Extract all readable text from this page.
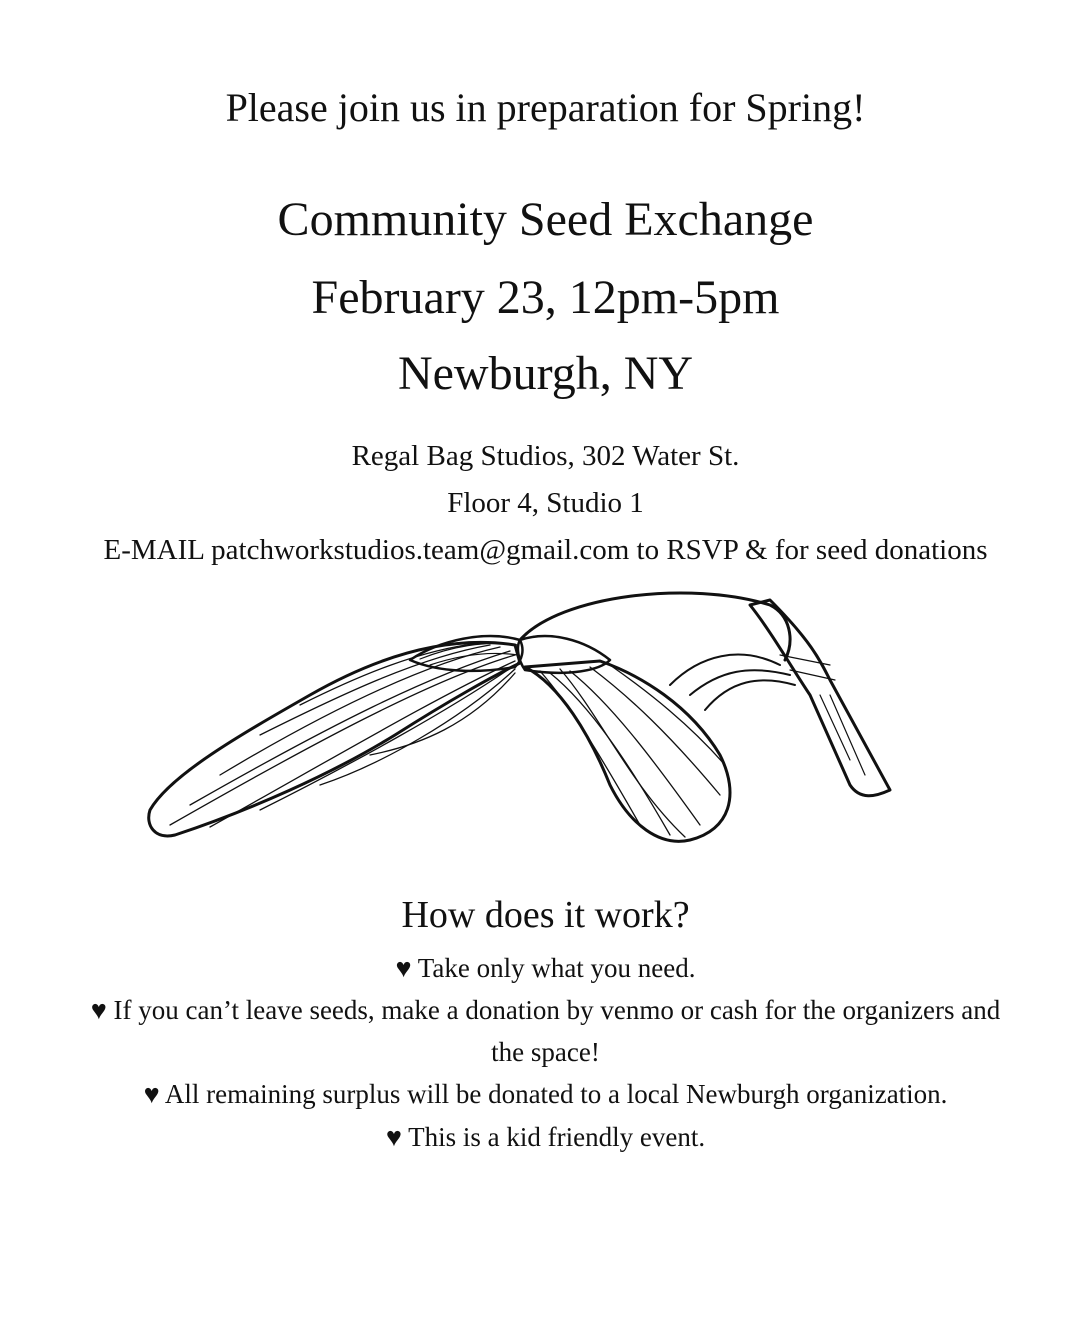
Please join us in preparation for Spring!
Community Seed Exchange
February 23, 12pm-5pm
Newburgh, NY
Regal Bag Studios, 302 Water St.
Floor 4, Studio 1
E-MAIL patchworkstudios.team@gmail.com to RSVP & for seed donations
How does it work?
♥ Take only what you need.
♥ If you can’t leave seeds, make a donation by venmo or cash for the organizers and
the space!
♥ All remaining surplus will be donated to a local Newburgh organization.
♥ This is a kid friendly event.
